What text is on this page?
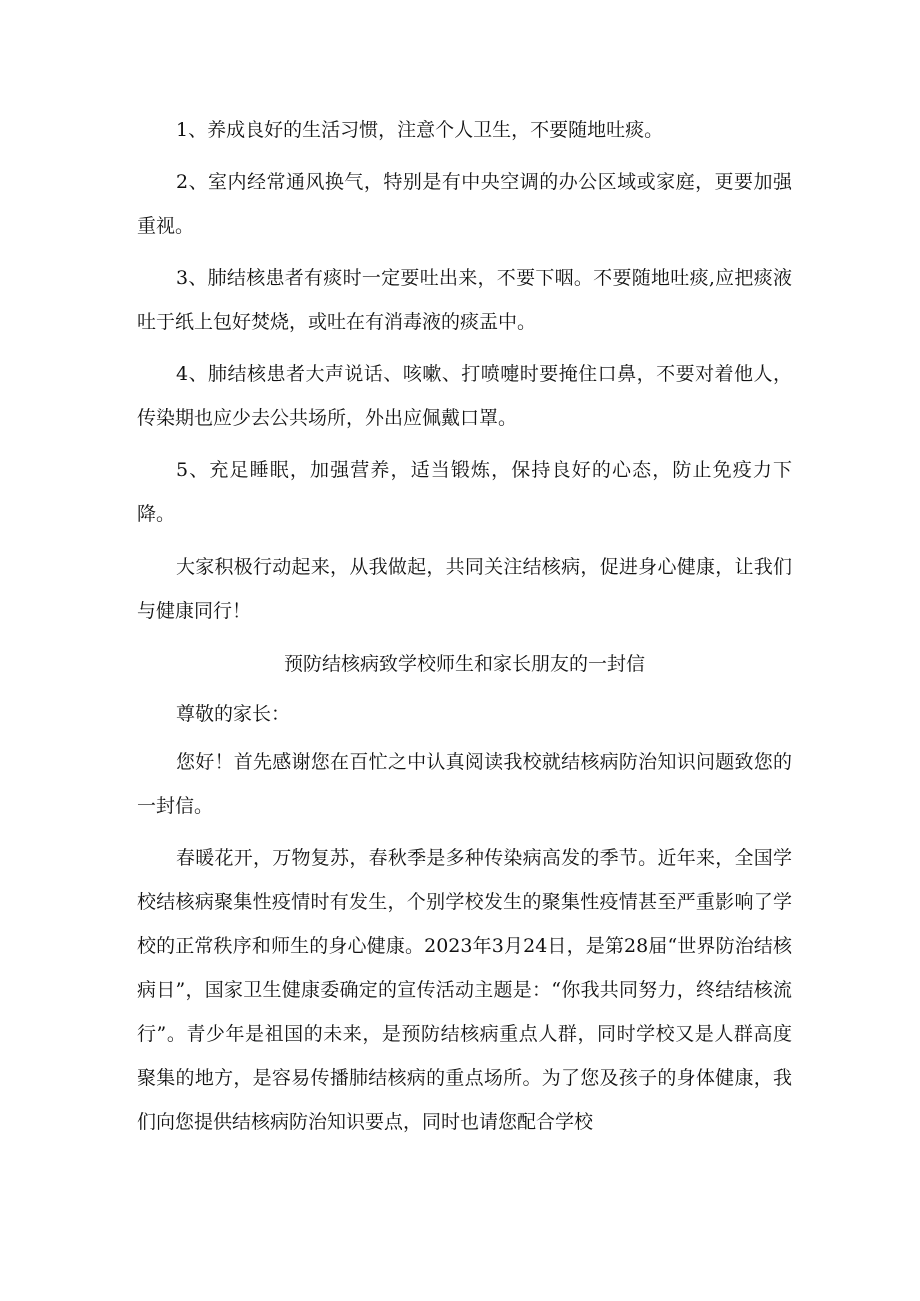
1、养成良好的生活习惯，注意个人卫生，不要随地吐痰。

2、室内经常通风换气，特别是有中央空调的办公区域或家庭，更要加强重视。

3、肺结核患者有痰时一定要吐出来，不要下咽。不要随地吐痰,应把痰液吐于纸上包好焚烧，或吐在有消毒液的痰盂中。

4、肺结核患者大声说话、咳嗽、打喷嚏时要掩住口鼻，不要对着他人，传染期也应少去公共场所，外出应佩戴口罩。

5、充足睡眠，加强营养，适当锻炼，保持良好的心态，防止免疫力下降。

大家积极行动起来，从我做起，共同关注结核病，促进身心健康，让我们与健康同行！

预防结核病致学校师生和家长朋友的一封信

尊敬的家长：

您好！首先感谢您在百忙之中认真阅读我校就结核病防治知识问题致您的一封信。

春暖花开，万物复苏，春秋季是多种传染病高发的季节。近年来，全国学校结核病聚集性疫情时有发生，个别学校发生的聚集性疫情甚至严重影响了学校的正常秩序和师生的身心健康。2023年3月24日，是第28届“世界防治结核病日”，国家卫生健康委确定的宣传活动主题是：“你我共同努力，终结结核流行”。青少年是祖国的未来，是预防结核病重点人群，同时学校又是人群高度聚集的地方，是容易传播肺结核病的重点场所。为了您及孩子的身体健康，我们向您提供结核病防治知识要点，同时也请您配合学校
